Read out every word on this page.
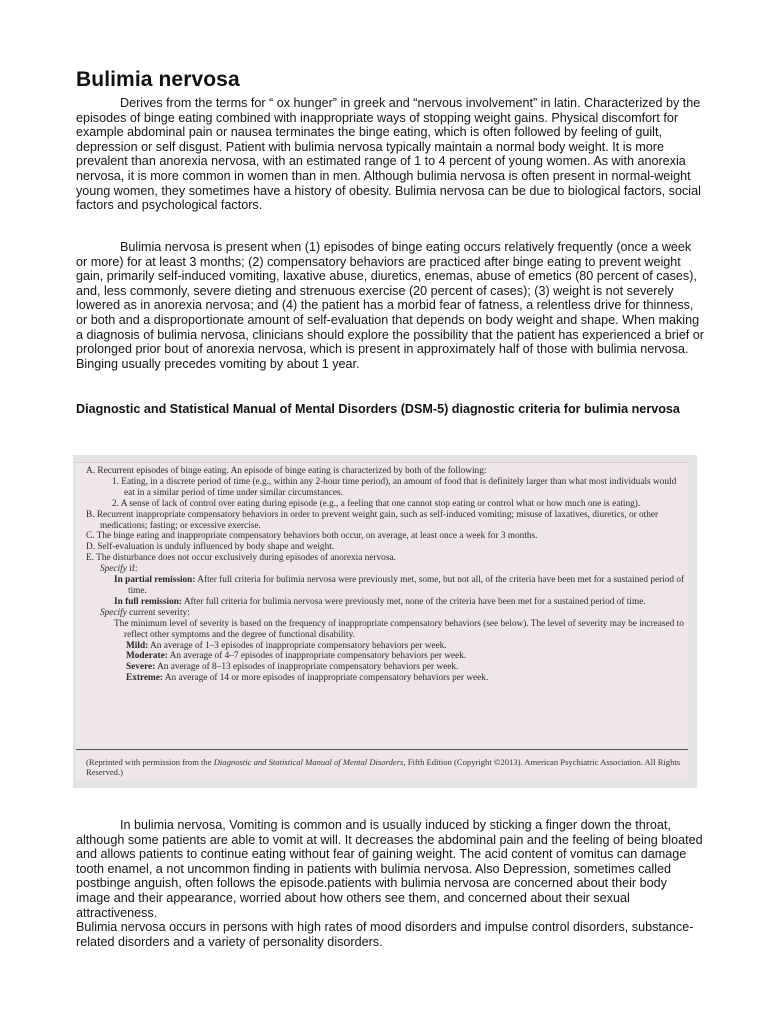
Bulimia nervosa

Derives from the terms for “ ox hunger” in greek and “nervous involvement” in latin. Characterized by the episodes of binge eating combined with inappropriate ways of stopping weight gains. Physical discomfort for example abdominal pain or nausea terminates the binge eating, which is often followed by feeling of guilt, depression or self disgust. Patient with bulimia nervosa typically maintain a normal body weight. It is more prevalent than anorexia nervosa, with an estimated range of 1 to 4 percent of young women. As with anorexia nervosa, it is more common in women than in men. Although bulimia nervosa is often present in normal-weight young women, they sometimes have a history of obesity. Bulimia nervosa can be due to biological factors, social factors and psychological factors.

Bulimia nervosa is present when (1) episodes of binge eating occurs relatively frequently (once a week or more) for at least 3 months; (2) compensatory behaviors are practiced after binge eating to prevent weight gain, primarily self-induced vomiting, laxative abuse, diuretics, enemas, abuse of emetics (80 percent of cases), and, less commonly, severe dieting and strenuous exercise (20 percent of cases); (3) weight is not severely lowered as in anorexia nervosa; and (4) the patient has a morbid fear of fatness, a relentless drive for thinness, or both and a disproportionate amount of self-evaluation that depends on body weight and shape. When making a diagnosis of bulimia nervosa, clinicians should explore the possibility that the patient has experienced a brief or prolonged prior bout of anorexia nervosa, which is present in approximately half of those with bulimia nervosa. Binging usually precedes vomiting by about 1 year.

Diagnostic and Statistical Manual of Mental Disorders (DSM-5) diagnostic criteria for bulimia nervosa

A. Recurrent episodes of binge eating. An episode of binge eating is characterized by both of the following:
1. Eating, in a discrete period of time (e.g., within any 2-hour time period), an amount of food that is definitely larger than what most individuals would eat in a similar period of time under similar circumstances.
2. A sense of lack of control over eating during episode (e.g., a feeling that one cannot stop eating or control what or how much one is eating).
B. Recurrent inappropriate compensatory behaviors in order to prevent weight gain, such as self-induced vomiting; misuse of laxatives, diuretics, or other medications; fasting; or excessive exercise.
C. The binge eating and inappropriate compensatory behaviors both occur, on average, at least once a week for 3 months.
D. Self-evaluation is unduly influenced by body shape and weight.
E. The disturbance does not occur exclusively during episodes of anorexia nervosa.
Specify if:
In partial remission: After full criteria for bulimia nervosa were previously met, some, but not all, of the criteria have been met for a sustained period of time.
In full remission: After full criteria for bulimia nervosa were previously met, none of the criteria have been met for a sustained period of time.
Specify current severity:
The minimum level of severity is based on the frequency of inappropriate compensatory behaviors (see below). The level of severity may be increased to reflect other symptoms and the degree of functional disability.
Mild: An average of 1–3 episodes of inappropriate compensatory behaviors per week.
Moderate: An average of 4–7 episodes of inappropriate compensatory behaviors per week.
Severe: An average of 8–13 episodes of inappropriate compensatory behaviors per week.
Extreme: An average of 14 or more episodes of inappropriate compensatory behaviors per week.
(Reprinted with permission from the Diagnostic and Statistical Manual of Mental Disorders, Fifth Edition (Copyright ©2013). American Psychiatric Association. All Rights Reserved.)
In bulimia nervosa, Vomiting is common and is usually induced by sticking a finger down the throat, although some patients are able to vomit at will. It decreases the abdominal pain and the feeling of being bloated and allows patients to continue eating without fear of gaining weight. The acid content of vomitus can damage tooth enamel, a not uncommon finding in patients with bulimia nervosa. Also Depression, sometimes called postbinge anguish, often follows the episode.patients with bulimia nervosa are concerned about their body image and their appearance, worried about how others see them, and concerned about their sexual attractiveness.
Bulimia nervosa occurs in persons with high rates of mood disorders and impulse control disorders, substance-related disorders and a variety of personality disorders.
